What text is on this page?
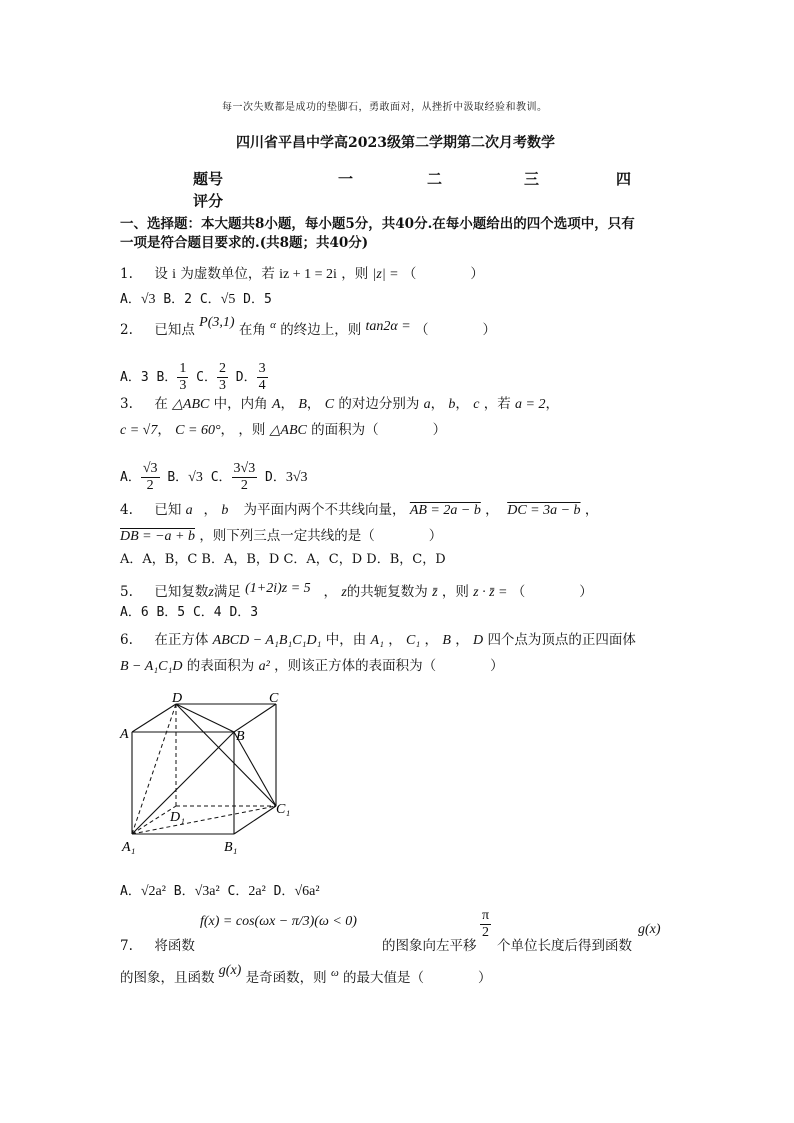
每一次失败都是成功的垫脚石，勇敢面对，从挫折中汲取经验和教训。
四川省平昌中学高2023级第二学期第二次月考数学
题号	一	二	三	四
评分
一、选择题：本大题共8小题，每小题5分，共40分.在每小题给出的四个选项中，只有
一项是符合题目要求的.(共8题；共40分)
1. 设 i 为虚数单位，若 iz + 1 = 2i ，则 |z| = （　　　　）
A．√3 B．2 C．√5 D．5
2. 已知点 P(3,1) 在角 $^\alpha$ 的终边上，则 tan2α = （　　　　）
A．3 B． $\frac{1}{3}$ C． $\frac{2}{3}$ D． $\frac{3}{4}$
3. 在 △ABC 中，内角 A， B， C 的对边分别为 a， b， c ，若 a = 2，
c = √7， C = 60°， ，则 △ABC 的面积为（　　　　）
A． $\frac{√3}{2}$ B．√3 C． $\frac{3√3}{2}$ D．3√3
4. 已知 a⃗， b⃗ 为平面内两个不共线向量， AB = 2a − b ，  DC = 3a − b ，
DB = −a + b ，则下列三点一定共线的是（　　　　）
A．A，B，C B．A，B，D C．A，C，D D．B，C，D
5. 已知复数z满足 (1+2i)z = 5 ， z的共轭复数为 z̄ ，则 z · z̄ = （　　　　）
A．6 B．5 C．4 D．3
6. 在正方体 ABCD − A₁B₁C₁D₁ 中，由 A₁ ， C₁ ， B ， D 四个点为顶点的正四面体
B − A₁C₁D 的表面积为 a² ，则该正方体的表面积为（　　　　）
D	C
A	B
D₁
C₁
A₁	B₁
A．√2a² B．√3a² C．2a² D．√6a²
f(x) = cos(ωx − π/3)(ω < 0)	$\frac{\pi}{2}$
7. 将函数	的图象向左平移 个单位长度后得到函数
g(x)
的图象，且函数 g(x) 是奇函数，则 $^\omega$ 的最大值是（　　　　）
